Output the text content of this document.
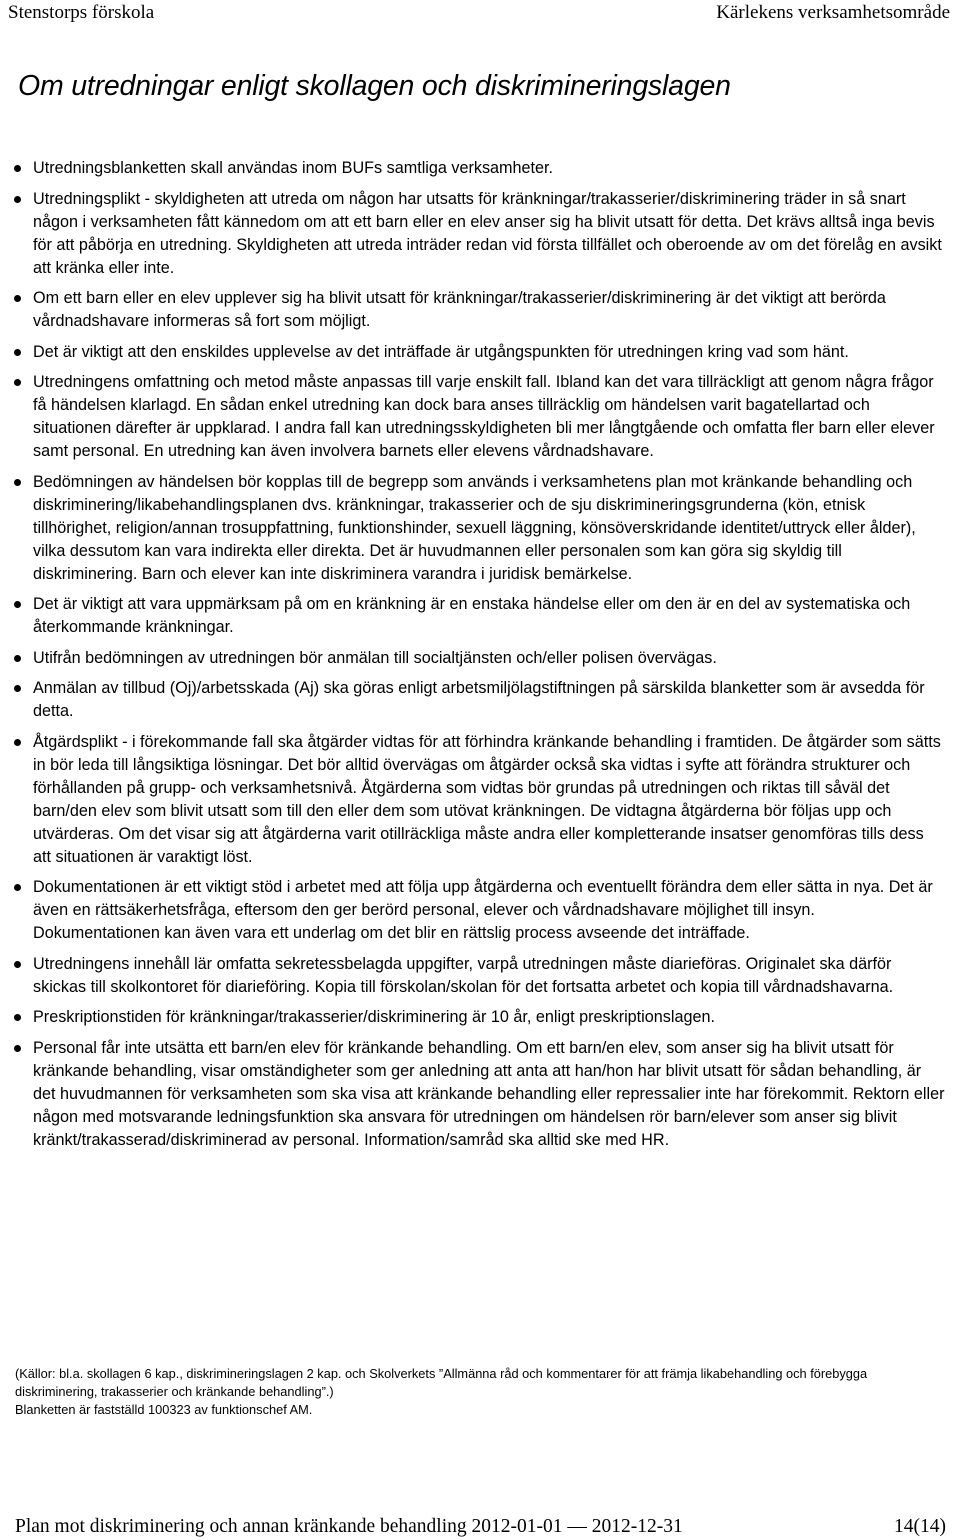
Stenstorps förskola	Kärlekens verksamhetsområde
Om utredningar enligt skollagen och diskrimineringslagen
Utredningsblanketten skall användas inom BUFs samtliga verksamheter.
Utredningsplikt - skyldigheten att utreda om någon har utsatts för kränkningar/trakasserier/diskriminering träder in så snart någon i verksamheten fått kännedom om att ett barn eller en elev anser sig ha blivit utsatt för detta. Det krävs alltså inga bevis för att påbörja en utredning. Skyldigheten att utreda inträder redan vid första tillfället och oberoende av om det förelåg en avsikt att kränka eller inte.
Om ett barn eller en elev upplever sig ha blivit utsatt för kränkningar/trakasserier/diskriminering är det viktigt att berörda vårdnadshavare informeras så fort som möjligt.
Det är viktigt att den enskildes upplevelse av det inträffade är utgångspunkten för utredningen kring vad som hänt.
Utredningens omfattning och metod måste anpassas till varje enskilt fall. Ibland kan det vara tillräckligt att genom några frågor få händelsen klarlagd. En sådan enkel utredning kan dock bara anses tillräcklig om händelsen varit bagatellartad och situationen därefter är uppklarad. I andra fall kan utredningsskyldigheten bli mer långtgående och omfatta fler barn eller elever samt personal. En utredning kan även involvera barnets eller elevens vårdnadshavare.
Bedömningen av händelsen bör kopplas till de begrepp som används i verksamhetens plan mot kränkande behandling och diskriminering/likabehandlingsplanen dvs. kränkningar, trakasserier och de sju diskrimineringsgrunderna (kön, etnisk tillhörighet, religion/annan trosuppfattning, funktionshinder, sexuell läggning, könsöverskridande identitet/uttryck eller ålder), vilka dessutom kan vara indirekta eller direkta. Det är huvudmannen eller personalen som kan göra sig skyldig till diskriminering. Barn och elever kan inte diskriminera varandra i juridisk bemärkelse.
Det är viktigt att vara uppmärksam på om en kränkning är en enstaka händelse eller om den är en del av systematiska och återkommande kränkningar.
Utifrån bedömningen av utredningen bör anmälan till socialtjänsten och/eller polisen övervägas.
Anmälan av tillbud (Oj)/arbetsskada (Aj) ska göras enligt arbetsmiljölagstiftningen på särskilda blanketter som är avsedda för detta.
Åtgärdsplikt - i förekommande fall ska åtgärder vidtas för att förhindra kränkande behandling i framtiden. De åtgärder som sätts in bör leda till långsiktiga lösningar. Det bör alltid övervägas om åtgärder också ska vidtas i syfte att förändra strukturer och förhållanden på grupp- och verksamhetsnivå. Åtgärderna som vidtas bör grundas på utredningen och riktas till såväl det barn/den elev som blivit utsatt som till den eller dem som utövat kränkningen. De vidtagna åtgärderna bör följas upp och utvärderas. Om det visar sig att åtgärderna varit otillräckliga måste andra eller kompletterande insatser genomföras tills dess att situationen är varaktigt löst.
Dokumentationen är ett viktigt stöd i arbetet med att följa upp åtgärderna och eventuellt förändra dem eller sätta in nya. Det är även en rättsäkerhetsfråga, eftersom den ger berörd personal, elever och vårdnadshavare möjlighet till insyn. Dokumentationen kan även vara ett underlag om det blir en rättslig process avseende det inträffade.
Utredningens innehåll lär omfatta sekretessbelagda uppgifter, varpå utredningen måste diarieföras. Originalet ska därför skickas till skolkontoret för diarieföring. Kopia till förskolan/skolan för det fortsatta arbetet och kopia till vårdnadshavarna.
Preskriptionstiden för kränkningar/trakasserier/diskriminering är 10 år, enligt preskriptionslagen.
Personal får inte utsätta ett barn/en elev för kränkande behandling. Om ett barn/en elev, som anser sig ha blivit utsatt för kränkande behandling, visar omständigheter som ger anledning att anta att han/hon har blivit utsatt för sådan behandling, är det huvudmannen för verksamheten som ska visa att kränkande behandling eller repressalier inte har förekommit. Rektorn eller någon med motsvarande ledningsfunktion ska ansvara för utredningen om händelsen rör barn/elever som anser sig blivit kränkt/trakasserad/diskriminerad av personal. Information/samråd ska alltid ske med HR.
(Källor: bl.a. skollagen 6 kap., diskrimineringslagen 2 kap. och Skolverkets ”Allmänna råd och kommentarer för att främja likabehandling och förebygga diskriminering, trakasserier och kränkande behandling”.)
Blanketten är fastställd 100323 av funktionschef AM.
Plan mot diskriminering och annan kränkande behandling 2012-01-01 — 2012-12-31	14(14)
